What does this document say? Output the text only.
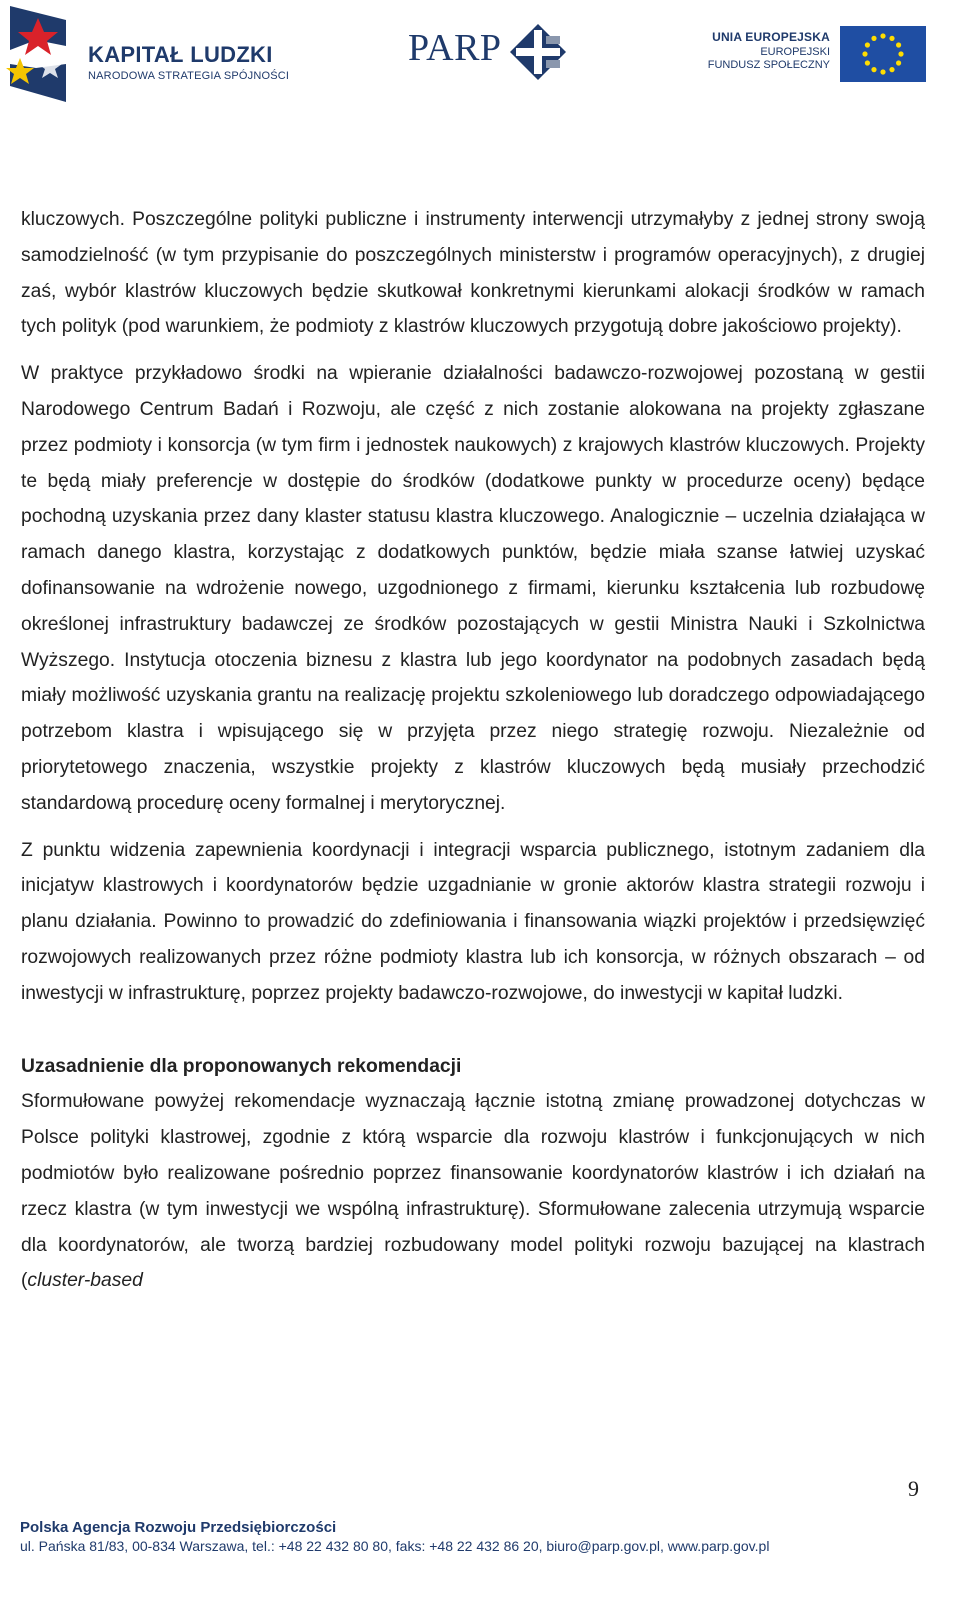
KAPITAŁ LUDZKI
NARODOWA STRATEGIA SPÓJNOŚCI
PARP	UNIA EUROPEJSKA
EUROPEJSKI
FUNDUSZ SPOŁECZNY

kluczowych. Poszczególne polityki publiczne i instrumenty interwencji utrzymałyby z jednej strony swoją samodzielność (w tym przypisanie do poszczególnych ministerstw i programów operacyjnych), z drugiej zaś, wybór klastrów kluczowych będzie skutkował konkretnymi kierunkami alokacji środków w ramach tych polityk (pod warunkiem, że podmioty z klastrów kluczowych przygotują dobre jakościowo projekty).

W praktyce przykładowo środki na wpieranie działalności badawczo-rozwojowej pozostaną w gestii Narodowego Centrum Badań i Rozwoju, ale część z nich zostanie alokowana na projekty zgłaszane przez podmioty i konsorcja (w tym firm i jednostek naukowych) z krajowych klastrów kluczowych. Projekty te będą miały preferencje w dostępie do środków (dodatkowe punkty w procedurze oceny) będące pochodną uzyskania przez dany klaster statusu klastra kluczowego. Analogicznie – uczelnia działająca w ramach danego klastra, korzystając z dodatkowych punktów, będzie miała szanse łatwiej uzyskać dofinansowanie na wdrożenie nowego, uzgodnionego z firmami, kierunku kształcenia lub rozbudowę określonej infrastruktury badawczej ze środków pozostających w gestii Ministra Nauki i Szkolnictwa Wyższego. Instytucja otoczenia biznesu z klastra lub jego koordynator na podobnych zasadach będą miały możliwość uzyskania grantu na realizację projektu szkoleniowego lub doradczego odpowiadającego potrzebom klastra i wpisującego się w przyjęta przez niego strategię rozwoju. Niezależnie od priorytetowego znaczenia, wszystkie projekty z klastrów kluczowych będą musiały przechodzić standardową procedurę oceny formalnej i merytorycznej.

Z punktu widzenia zapewnienia koordynacji i integracji wsparcia publicznego, istotnym zadaniem dla inicjatyw klastrowych i koordynatorów będzie uzgadnianie w gronie aktorów klastra strategii rozwoju i planu działania. Powinno to prowadzić do zdefiniowania i finansowania wiązki projektów i przedsięwzięć rozwojowych realizowanych przez różne podmioty klastra lub ich konsorcja, w różnych obszarach – od inwestycji w infrastrukturę, poprzez projekty badawczo-rozwojowe, do inwestycji w kapitał ludzki.

Uzasadnienie dla proponowanych rekomendacji

Sformułowane powyżej rekomendacje wyznaczają łącznie istotną zmianę prowadzonej dotychczas w Polsce polityki klastrowej, zgodnie z którą wsparcie dla rozwoju klastrów i funkcjonujących w nich podmiotów było realizowane pośrednio poprzez finansowanie koordynatorów klastrów i ich działań na rzecz klastra (w tym inwestycji we wspólną infrastrukturę). Sformułowane zalecenia utrzymują wsparcie dla koordynatorów, ale tworzą bardziej rozbudowany model polityki rozwoju bazującej na klastrach (cluster-based

9
Polska Agencja Rozwoju Przedsiębiorczości
ul. Pańska 81/83, 00-834 Warszawa, tel.: +48 22 432 80 80, faks: +48 22 432 86 20, biuro@parp.gov.pl, www.parp.gov.pl
